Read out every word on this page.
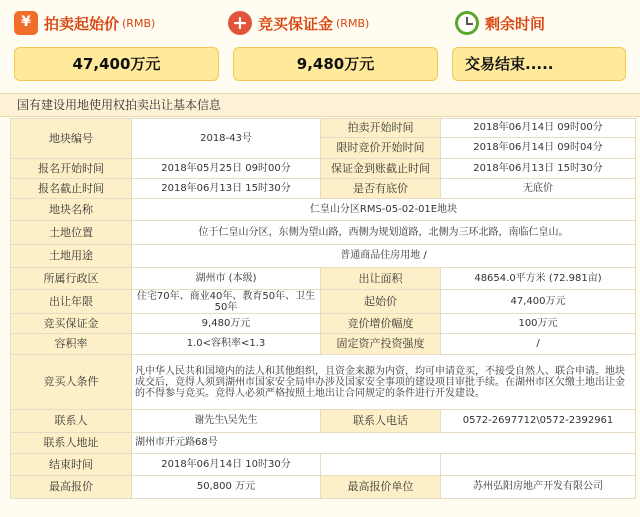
¥
拍卖起始价 (RMB)
47,400万元
+
竞买保证金 (RMB)
9,480万元
剩余时间
交易结束.....
国有建设用地使用权拍卖出让基本信息
地块编号	2018-43号	拍卖开始时间	2018年06月14日 09时00分
		限时竞价开始时间	2018年06月14日 09时04分
报名开始时间	2018年05月25日 09时00分	保证金到账截止时间	2018年06月13日 15时30分
报名截止时间	2018年06月13日 15时30分	是否有底价	无底价
地块名称	仁皇山分区RMS-05-02-01E地块		
土地位置	位于仁皇山分区，东侧为望山路，西侧为规划道路，北侧为三环北路，南临仁皇山。		
土地用途	普通商品住房用地 /		
所属行政区	湖州市 (本级)	出让面积	48654.0平方米 (72.981亩)
出让年限	住宅70年、商业40年、教育50年、卫生50年	起始价	47,400万元
竞买保证金	9,480万元	竞价增价幅度	100万元
容积率	1.0<容积率<1.3	固定资产投资强度	/
竞买人条件	凡中华人民共和国境内的法人和其他组织，且资金来源为内资，均可申请竞买，不接受自然人、联合申请。地块成交后，竞得人须到湖州市国家安全局申办涉及国家安全事项的建设项目审批手续。在湖州市区欠缴土地出让金的不得参与竞买。竞得人必须严格按照土地出让合同规定的条件进行开发建设。		
联系人	谢先生\吴先生	联系人电话	0572-2697712\0572-2392961
联系人地址	湖州市开元路68号		
结束时间	2018年06月14日 10时30分		
最高报价	50,800 万元	最高报价单位	苏州弘阳房地产开发有限公司
